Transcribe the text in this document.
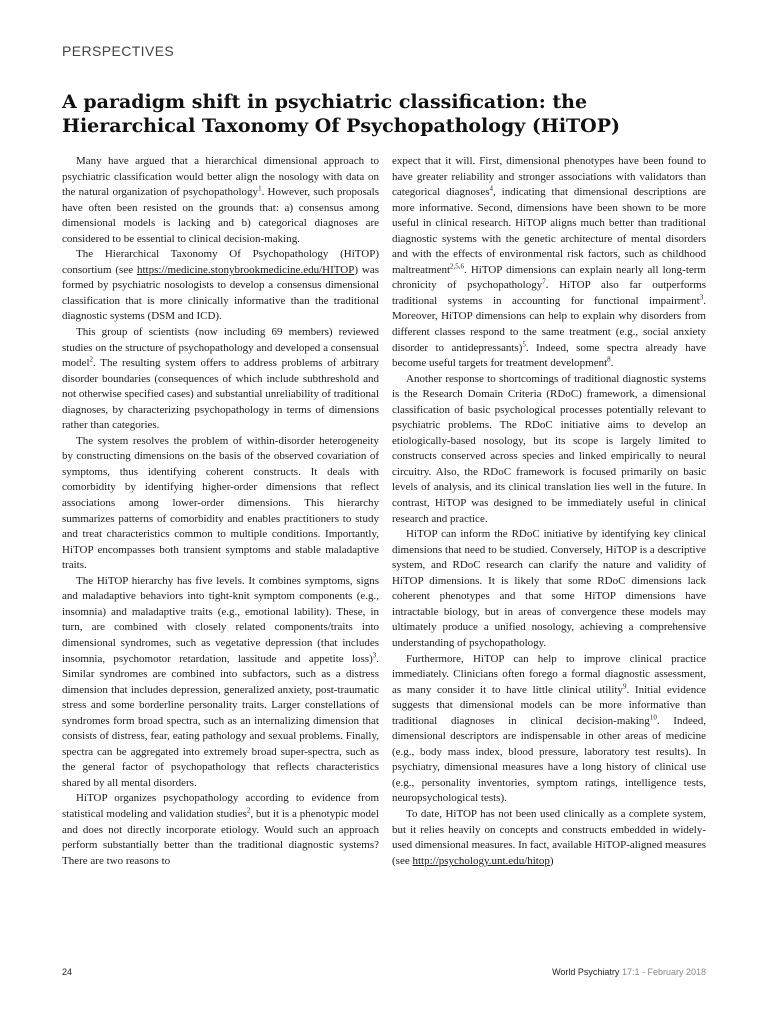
PERSPECTIVES
A paradigm shift in psychiatric classification: the Hierarchical Taxonomy Of Psychopathology (HiTOP)

Many have argued that a hierarchical dimensional approach to psychiatric classification would better align the nosology with data on the natural organization of psychopathology$^1$. However, such proposals have often been resisted on the grounds that: a) consensus among dimensional models is lacking and b) categorical diagnoses are considered to be essential to clinical decision-making.

The Hierarchical Taxonomy Of Psychopathology (HiTOP) consortium (see https://medicine.stonybrookmedicine.edu/HITOP) was formed by psychiatric nosologists to develop a consensus dimensional classification that is more clinically informative than the traditional diagnostic systems (DSM and ICD).

This group of scientists (now including 69 members) reviewed studies on the structure of psychopathology and developed a consensual model$^2$. The resulting system offers to address problems of arbitrary disorder boundaries (consequences of which include subthreshold and not otherwise specified cases) and substantial unreliability of traditional diagnoses, by characterizing psychopathology in terms of dimensions rather than categories.

The system resolves the problem of within-disorder heterogeneity by constructing dimensions on the basis of the observed covariation of symptoms, thus identifying coherent constructs. It deals with comorbidity by identifying higher-order dimensions that reflect associations among lower-order dimensions. This hierarchy summarizes patterns of comorbidity and enables practitioners to study and treat characteristics common to multiple conditions. Importantly, HiTOP encompasses both transient symptoms and stable maladaptive traits.

The HiTOP hierarchy has five levels. It combines symptoms, signs and maladaptive behaviors into tight-knit symptom components (e.g., insomnia) and maladaptive traits (e.g., emotional lability). These, in turn, are combined with closely related components/traits into dimensional syndromes, such as vegetative depression (that includes insomnia, psychomotor retardation, lassitude and appetite loss)$^3$. Similar syndromes are combined into subfactors, such as a distress dimension that includes depression, generalized anxiety, post-traumatic stress and some borderline personality traits. Larger constellations of syndromes form broad spectra, such as an internalizing dimension that consists of distress, fear, eating pathology and sexual problems. Finally, spectra can be aggregated into extremely broad super-spectra, such as the general factor of psychopathology that reflects characteristics shared by all mental disorders.

HiTOP organizes psychopathology according to evidence from statistical modeling and validation studies$^2$, but it is a phenotypic model and does not directly incorporate etiology. Would such an approach perform substantially better than the traditional diagnostic systems? There are two reasons to

expect that it will. First, dimensional phenotypes have been found to have greater reliability and stronger associations with validators than categorical diagnoses$^4$, indicating that dimensional descriptions are more informative. Second, dimensions have been shown to be more useful in clinical research. HiTOP aligns much better than traditional diagnostic systems with the genetic architecture of mental disorders and with the effects of environmental risk factors, such as childhood maltreatment$^{2,5,6}$. HiTOP dimensions can explain nearly all long-term chronicity of psychopathology$^7$. HiTOP also far outperforms traditional systems in accounting for functional impairment$^3$. Moreover, HiTOP dimensions can help to explain why disorders from different classes respond to the same treatment (e.g., social anxiety disorder to antidepressants)$^5$. Indeed, some spectra already have become useful targets for treatment development$^8$.

Another response to shortcomings of traditional diagnostic systems is the Research Domain Criteria (RDoC) framework, a dimensional classification of basic psychological processes potentially relevant to psychiatric problems. The RDoC initiative aims to develop an etiologically-based nosology, but its scope is largely limited to constructs conserved across species and linked empirically to neural circuitry. Also, the RDoC framework is focused primarily on basic levels of analysis, and its clinical translation lies well in the future. In contrast, HiTOP was designed to be immediately useful in clinical research and practice.

HiTOP can inform the RDoC initiative by identifying key clinical dimensions that need to be studied. Conversely, HiTOP is a descriptive system, and RDoC research can clarify the nature and validity of HiTOP dimensions. It is likely that some RDoC dimensions lack coherent phenotypes and that some HiTOP dimensions have intractable biology, but in areas of convergence these models may ultimately produce a unified nosology, achieving a comprehensive understanding of psychopathology.

Furthermore, HiTOP can help to improve clinical practice immediately. Clinicians often forego a formal diagnostic assessment, as many consider it to have little clinical utility$^9$. Initial evidence suggests that dimensional models can be more informative than traditional diagnoses in clinical decision-making$^{10}$. Indeed, dimensional descriptors are indispensable in other areas of medicine (e.g., body mass index, blood pressure, laboratory test results). In psychiatry, dimensional measures have a long history of clinical use (e.g., personality inventories, symptom ratings, intelligence tests, neuropsychological tests).

To date, HiTOP has not been used clinically as a complete system, but it relies heavily on concepts and constructs embedded in widely-used dimensional measures. In fact, available HiTOP-aligned measures (see http://psychology.unt.edu/hitop)

24	World Psychiatry 17:1 - February 2018
